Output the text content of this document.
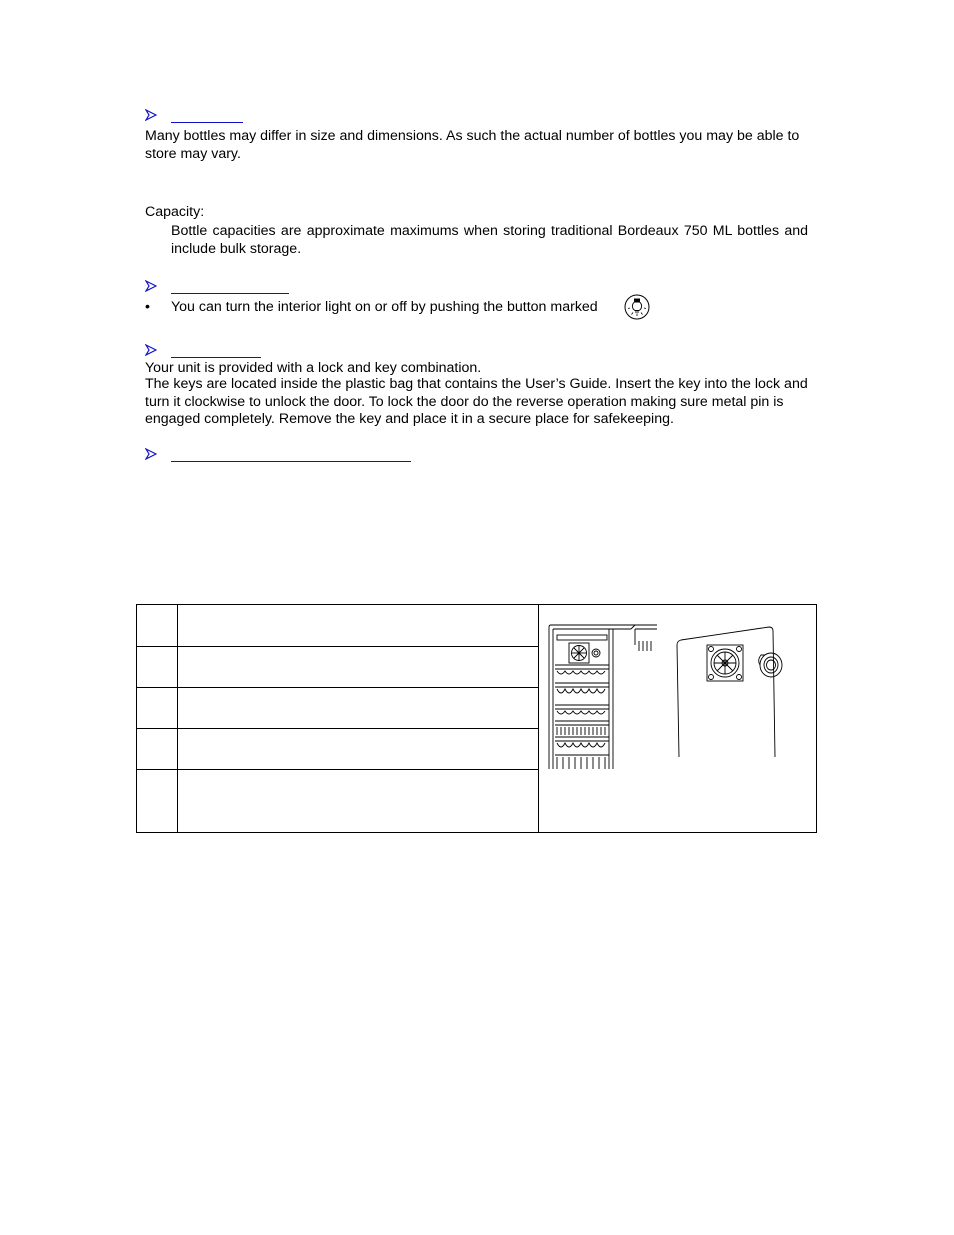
Many bottles may differ in size and dimensions. As such the actual number of bottles you may be able to store may vary.
Capacity:
Bottle capacities are approximate maximums when storing traditional Bordeaux 750 ML bottles and include bulk storage.
• You can turn the interior light on or off by pushing the button marked
Your unit is provided with a lock and key combination.
The keys are located inside the plastic bag that contains the User’s Guide. Insert the key into the lock and turn it clockwise to unlock the door. To lock the door do the reverse operation making sure metal pin is engaged completely. Remove the key and place it in a secure place for safekeeping.
